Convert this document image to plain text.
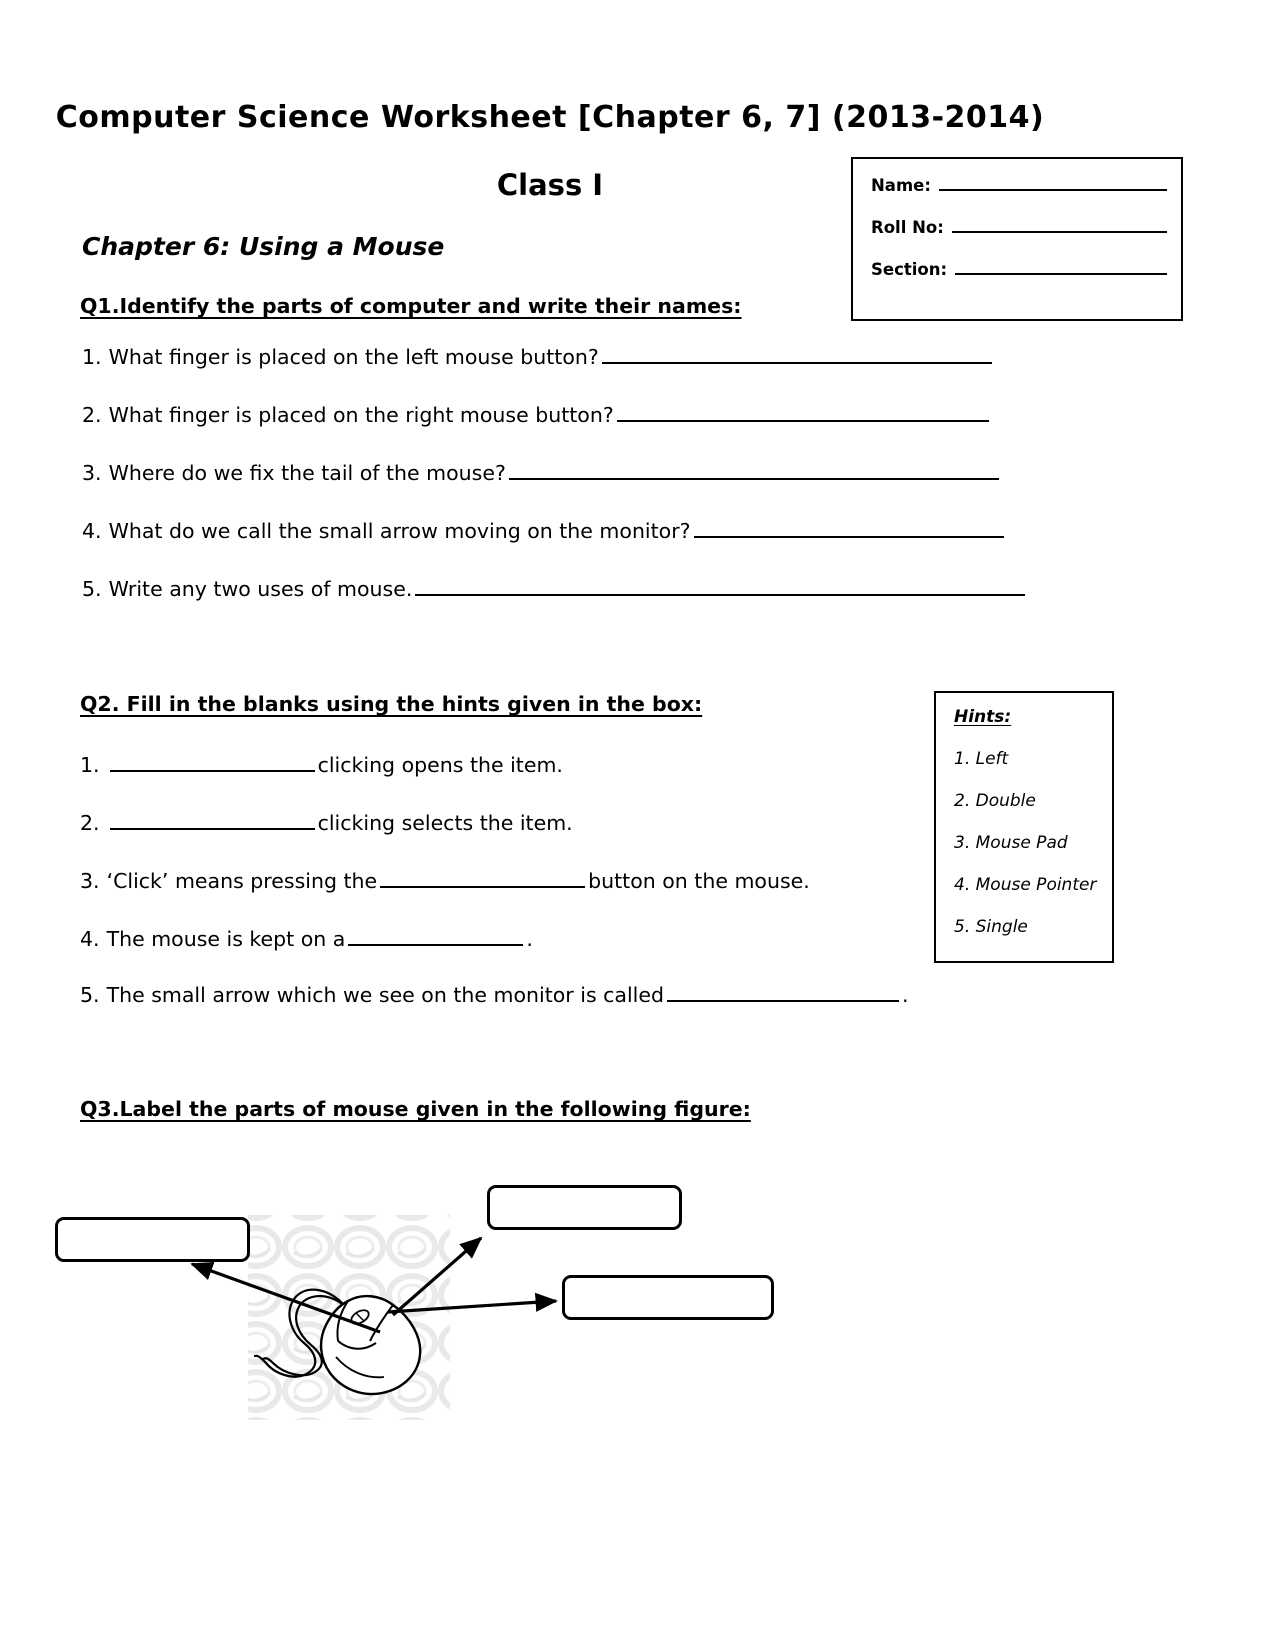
Computer Science Worksheet [Chapter 6, 7] (2013-2014)
Class I	Name:
Roll No:
Section:
Chapter 6: Using a Mouse
Q1.Identify the parts of computer and write their names:
1. What finger is placed on the left mouse button?
2. What finger is placed on the right mouse button?
3. Where do we fix the tail of the mouse?
4. What do we call the small arrow moving on the monitor?
5. Write any two uses of mouse.
Q2. Fill in the blanks using the hints given in the box:
1.	clicking opens the item.
2.	clicking selects the item.
3. ‘Click’ means pressing the	button on the mouse.
4. The mouse is kept on a	.
5. The small arrow which we see on the monitor is called	.
Hints:
1. Left
2. Double
3. Mouse Pad
4. Mouse Pointer
5. Single
Q3.Label the parts of mouse given in the following figure:
